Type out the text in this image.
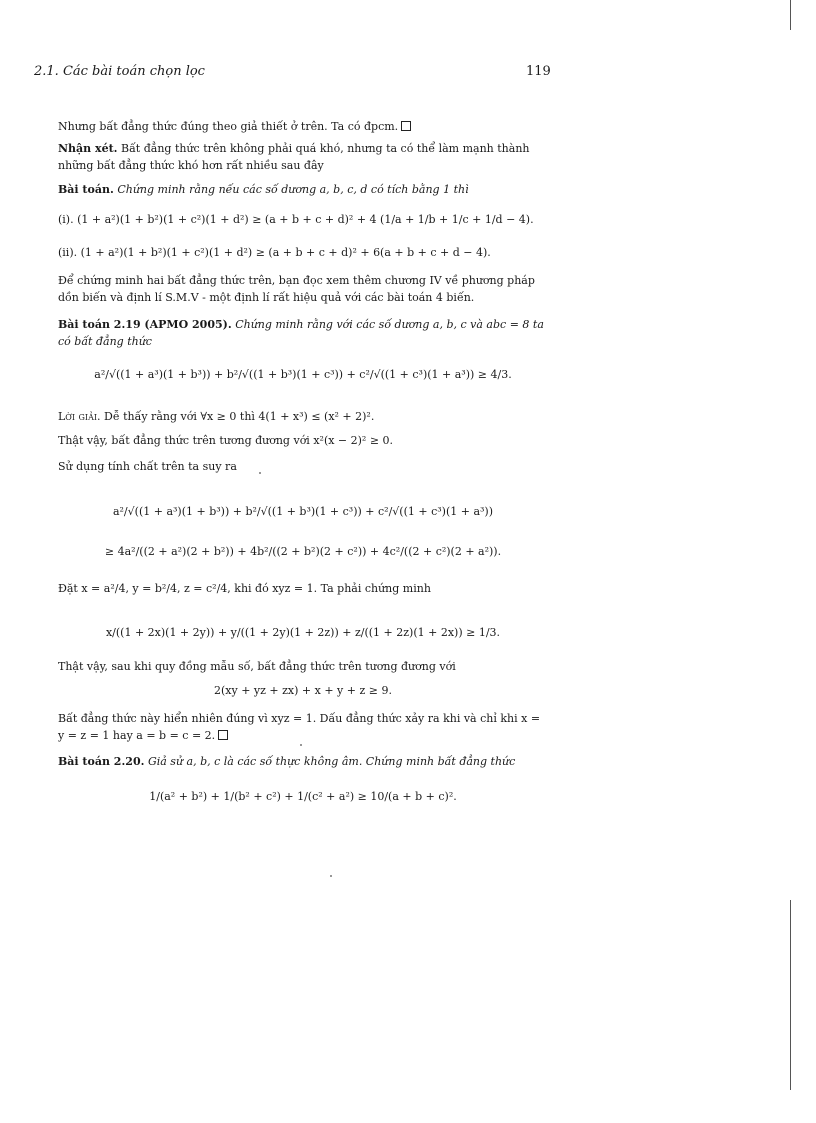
2.1. Các bài toán chọn lọc	119
Nhưng bất đẳng thức đúng theo giả thiết ở trên. Ta có đpcm.
Nhận xét. Bất đẳng thức trên không phải quá khó, nhưng ta có thể làm mạnh thành những bất đẳng thức khó hơn rất nhiều sau đây
Bài toán. Chứng minh rằng nếu các số dương a, b, c, d có tích bằng 1 thì
(i). (1 + a²)(1 + b²)(1 + c²)(1 + d²) ≥ (a + b + c + d)² + 4 (1/a + 1/b + 1/c + 1/d − 4).
(ii). (1 + a²)(1 + b²)(1 + c²)(1 + d²) ≥ (a + b + c + d)² + 6(a + b + c + d − 4).
Để chứng minh hai bất đẳng thức trên, bạn đọc xem thêm chương IV về phương pháp dồn biến và định lí S.M.V - một định lí rất hiệu quả với các bài toán 4 biến.
Bài toán 2.19 (APMO 2005). Chứng minh rằng với các số dương a, b, c và abc = 8 ta có bất đẳng thức
a²/√((1 + a³)(1 + b³)) + b²/√((1 + b³)(1 + c³)) + c²/√((1 + c³)(1 + a³)) ≥ 4/3.
Lời giải. Dễ thấy rằng với ∀x ≥ 0 thì 4(1 + x³) ≤ (x² + 2)².
Thật vậy, bất đẳng thức trên tương đương với x²(x − 2)² ≥ 0.
Sử dụng tính chất trên ta suy ra
a²/√((1 + a³)(1 + b³)) + b²/√((1 + b³)(1 + c³)) + c²/√((1 + c³)(1 + a³))
≥ 4a²/((2 + a²)(2 + b²)) + 4b²/((2 + b²)(2 + c²)) + 4c²/((2 + c²)(2 + a²)).
Đặt x = a²/4, y = b²/4, z = c²/4, khi đó xyz = 1. Ta phải chứng minh
x/((1 + 2x)(1 + 2y)) + y/((1 + 2y)(1 + 2z)) + z/((1 + 2z)(1 + 2x)) ≥ 1/3.
Thật vậy, sau khi quy đồng mẫu số, bất đẳng thức trên tương đương với
2(xy + yz + zx) + x + y + z ≥ 9.
Bất đẳng thức này hiển nhiên đúng vì xyz = 1. Dấu đẳng thức xảy ra khi và chỉ khi x = y = z = 1 hay a = b = c = 2.
Bài toán 2.20. Giả sử a, b, c là các số thực không âm. Chứng minh bất đẳng thức
1/(a² + b²) + 1/(b² + c²) + 1/(c² + a²) ≥ 10/(a + b + c)².
